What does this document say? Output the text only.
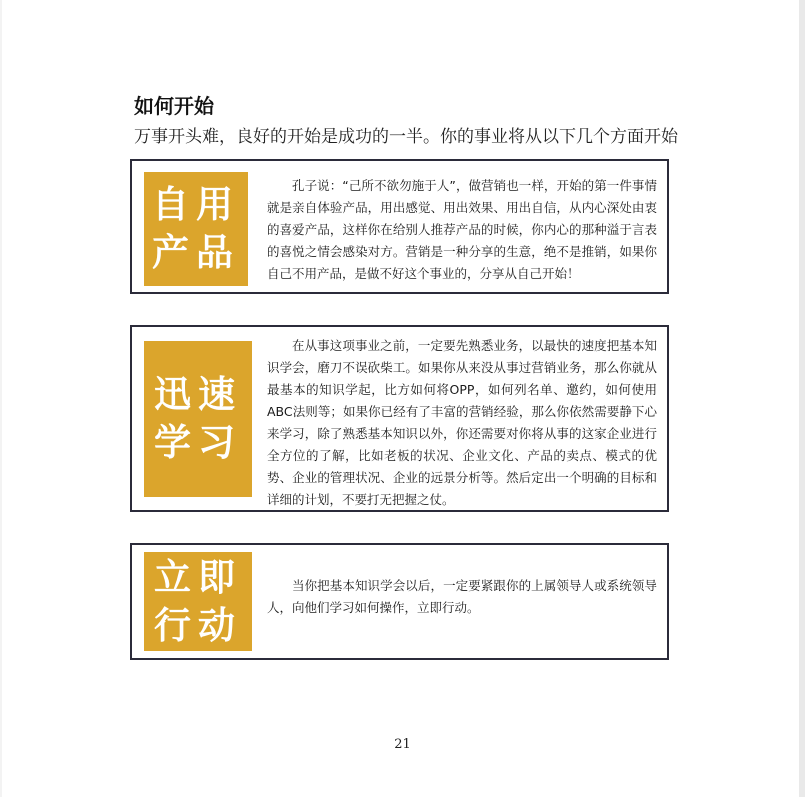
如何开始
万事开头难，良好的开始是成功的一半。你的事业将从以下几个方面开始
自用
产品
孔子说：“己所不欲勿施于人”，做营销也一样，开始的第一件事情就是亲自体验产品，用出感觉、用出效果、用出自信，从内心深处由衷的喜爱产品，这样你在给别人推荐产品的时候，你内心的那种溢于言表的喜悦之情会感染对方。营销是一种分享的生意，绝不是推销，如果你自己不用产品，是做不好这个事业的，分享从自己开始！
迅速
学习
在从事这项事业之前，一定要先熟悉业务，以最快的速度把基本知识学会，磨刀不误砍柴工。如果你从来没从事过营销业务，那么你就从最基本的知识学起，比方如何将OPP，如何列名单、邀约，如何使用ABC法则等；如果你已经有了丰富的营销经验，那么你依然需要静下心来学习，除了熟悉基本知识以外，你还需要对你将从事的这家企业进行全方位的了解，比如老板的状况、企业文化、产品的卖点、模式的优势、企业的管理状况、企业的远景分析等。然后定出一个明确的目标和详细的计划，不要打无把握之仗。
立即
行动
当你把基本知识学会以后，一定要紧跟你的上属领导人或系统领导人，向他们学习如何操作，立即行动。
21
